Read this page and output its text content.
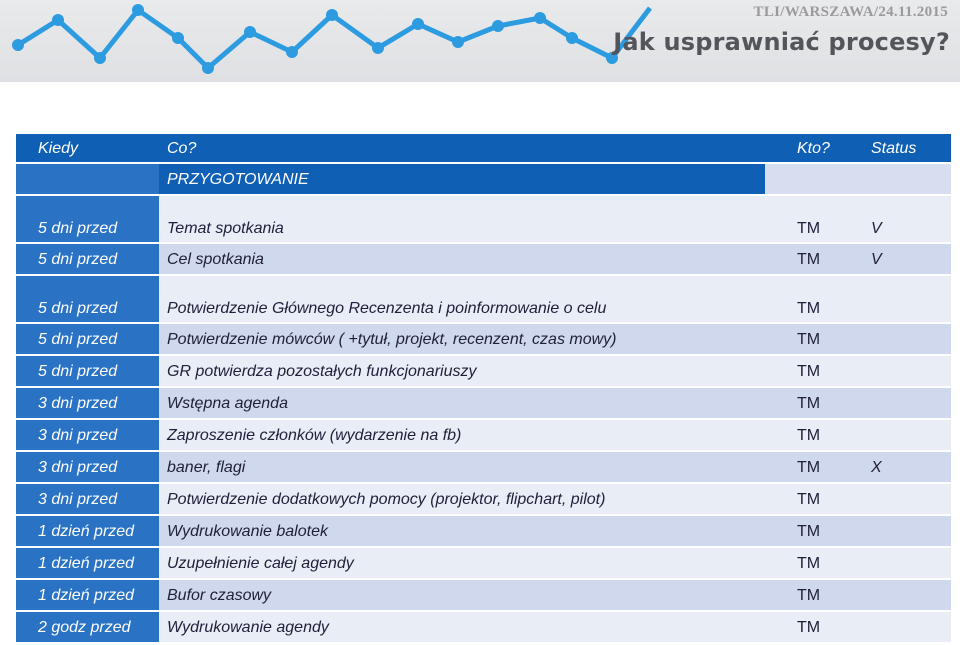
TLI/WARSZAWA/24.11.2015
Jak usprawniać procesy?
Kiedy	Co?	Kto?	Status
	PRZYGOTOWANIE		
5 dni przed	Temat spotkania	TM	V
5 dni przed	Cel spotkania	TM	V
5 dni przed	Potwierdzenie Głównego Recenzenta i poinformowanie o celu	TM	
5 dni przed	Potwierdzenie mówców ( +tytuł, projekt, recenzent, czas mowy)	TM	
5 dni przed	GR potwierdza pozostałych funkcjonariuszy	TM	
3 dni przed	Wstępna agenda	TM	
3 dni przed	Zaproszenie członków (wydarzenie na fb)	TM	
3 dni przed	baner, flagi	TM	X
3 dni przed	Potwierdzenie dodatkowych pomocy (projektor, flipchart, pilot)	TM	
1 dzień przed	Wydrukowanie balotek	TM	
1 dzień przed	Uzupełnienie całej agendy	TM	
1 dzień przed	Bufor czasowy	TM	
2 godz przed	Wydrukowanie agendy	TM	
